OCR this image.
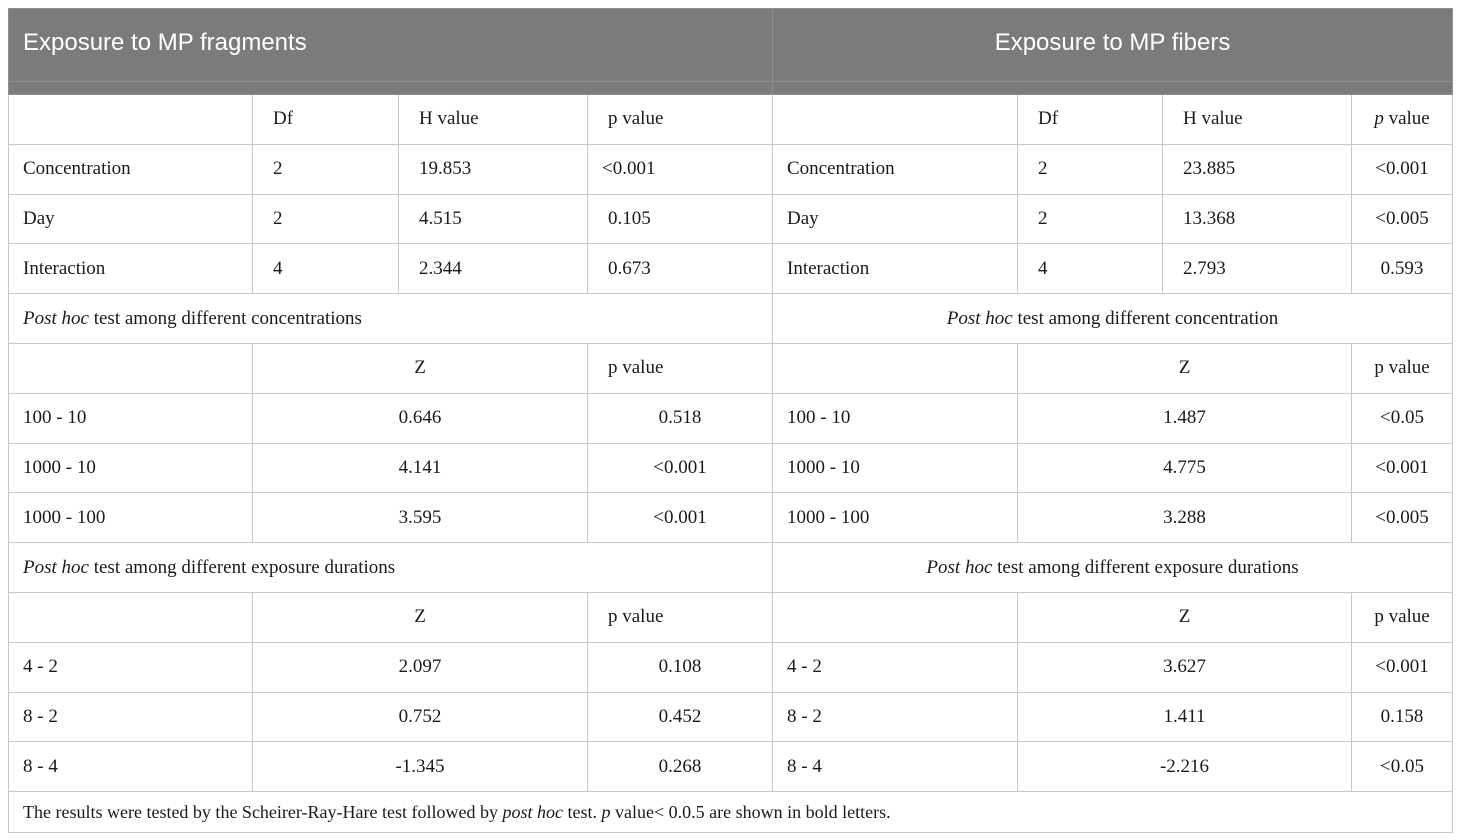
Exposure to MP fragments				Exposure to MP fibers			

	Df	H value	p value		Df	H value	p value
Concentration	2	19.853	<0.001	Concentration	2	23.885	<0.001
Day	2	4.515	0.105	Day	2	13.368	<0.005
Interaction	4	2.344	0.673	Interaction	4	2.793	0.593
Post hoc test among different concentrations				Post hoc test among different concentration			
	Z		p value		Z		p value
100 - 10	0.646		0.518	100 - 10	1.487		<0.05
1000 - 10	4.141		<0.001	1000 - 10	4.775		<0.001
1000 - 100	3.595		<0.001	1000 - 100	3.288		<0.005
Post hoc test among different exposure durations				Post hoc test among different exposure durations			
	Z		p value		Z		p value
4 - 2	2.097		0.108	4 - 2	3.627		<0.001
8 - 2	0.752		0.452	8 - 2	1.411		0.158
8 - 4	-1.345		0.268	8 - 4	-2.216		<0.05
The results were tested by the Scheirer-Ray-Hare test followed by post hoc test. p value< 0.0.5 are shown in bold letters.							
